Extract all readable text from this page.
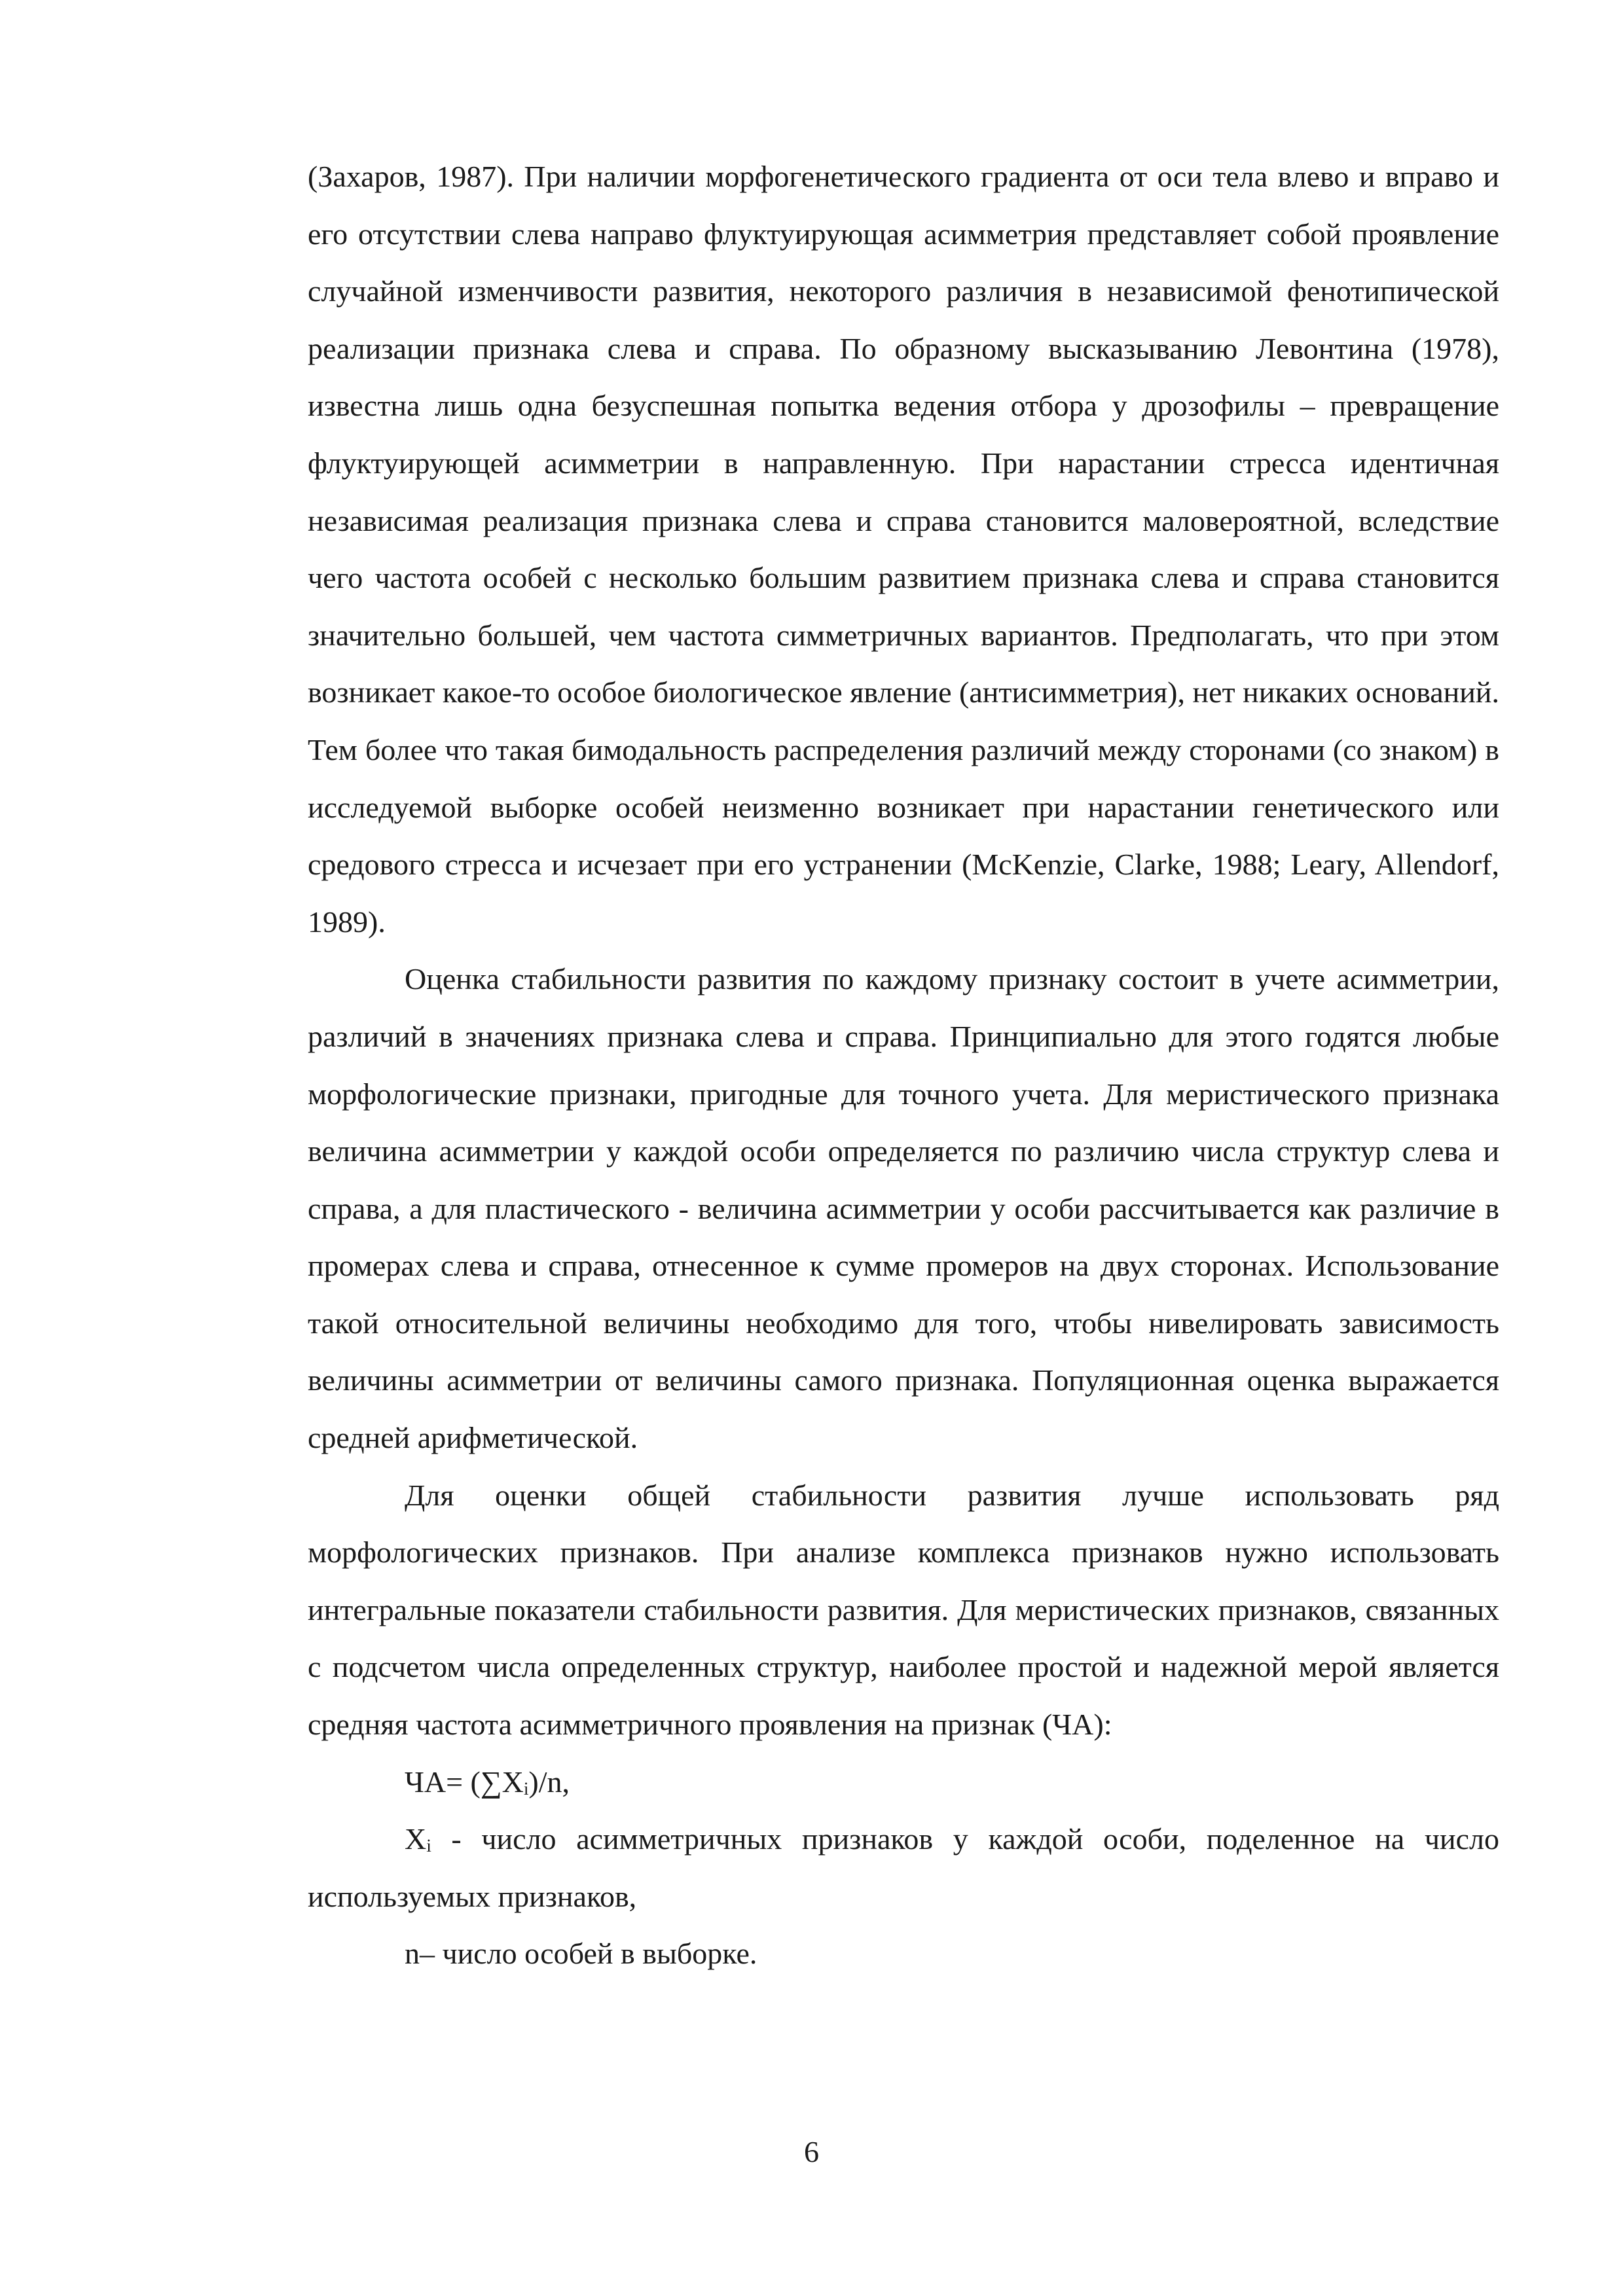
(Захаров, 1987). При наличии морфогенетического градиента от оси тела влево и вправо и его отсутствии слева направо флуктуирующая асимметрия представляет собой проявление случайной изменчивости развития, некоторого различия в независимой фенотипической реализации признака слева и справа. По образному высказыванию Левонтина (1978), известна лишь одна безуспешная попытка ведения отбора у дрозофилы – превращение флуктуирующей асимметрии в направленную. При нарастании стресса идентичная независимая реализация признака слева и справа становится маловероятной, вследствие чего частота особей с несколько большим развитием признака слева и справа становится значительно большей, чем частота симметричных вариантов. Предполагать, что при этом возникает какое-то особое биологическое явление (антисимметрия), нет никаких оснований. Тем более что такая бимодальность распределения различий между сторонами (со знаком) в исследуемой выборке особей неизменно возникает при нарастании генетического или средового стресса и исчезает при его устранении (McKenzie, Clarke, 1988; Leary, Allendorf, 1989).

Оценка стабильности развития по каждому признаку состоит в учете асимметрии, различий в значениях признака слева и справа. Принципиально для этого годятся любые морфологические признаки, пригодные для точного учета. Для меристического признака величина асимметрии у каждой особи определяется по различию числа структур слева и справа, а для пластического - величина асимметрии у особи рассчитывается как различие в промерах слева и справа, отнесенное к сумме промеров на двух сторонах. Использование такой относительной величины необходимо для того, чтобы нивелировать зависимость величины асимметрии от величины самого признака. Популяционная оценка выражается средней арифметической.

Для оценки общей стабильности развития лучше использовать ряд морфологических признаков. При анализе комплекса признаков нужно использовать интегральные показатели стабильности развития. Для меристических признаков, связанных с подсчетом числа определенных структур, наиболее простой и надежной мерой является средняя частота асимметричного проявления на признак (ЧА):

ЧА= (∑Xᵢ)/n,

Xᵢ - число асимметричных признаков у каждой особи, поделенное на число используемых признаков,

n– число особей в выборке.

6
